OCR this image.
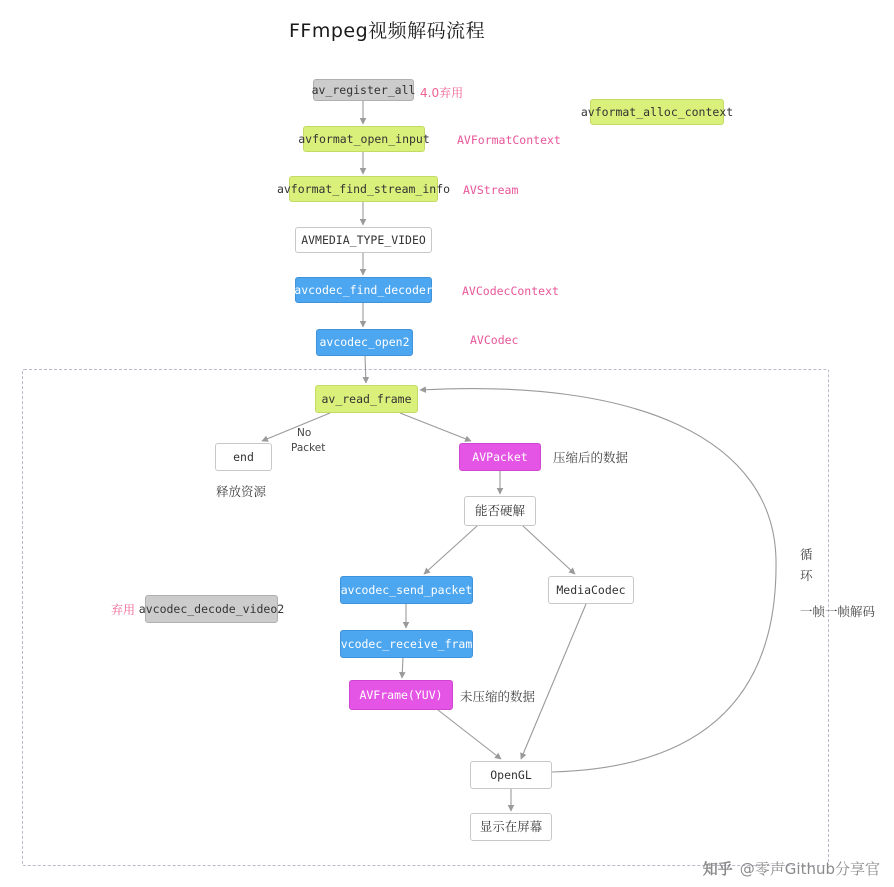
FFmpeg视频解码流程
av_register_all
avformat_alloc_context
avformat_open_input
avformat_find_stream_info
AVMEDIA_TYPE_VIDEO
avcodec_find_decoder
avcodec_open2
av_read_frame
end	AVPacket
能否硬解
avcodec_send_packet	MediaCodec
avcodec_decode_video2
avcodec_receive_frame
AVFrame(YUV)
OpenGL
显示在屏幕
4.0弃用
AVFormatContext
AVStream
AVCodecContext
AVCodec
No
Packet
压缩后的数据
释放资源
弃用
未压缩的数据
循
环
一帧一帧解码
知乎 @零声Github分享官
